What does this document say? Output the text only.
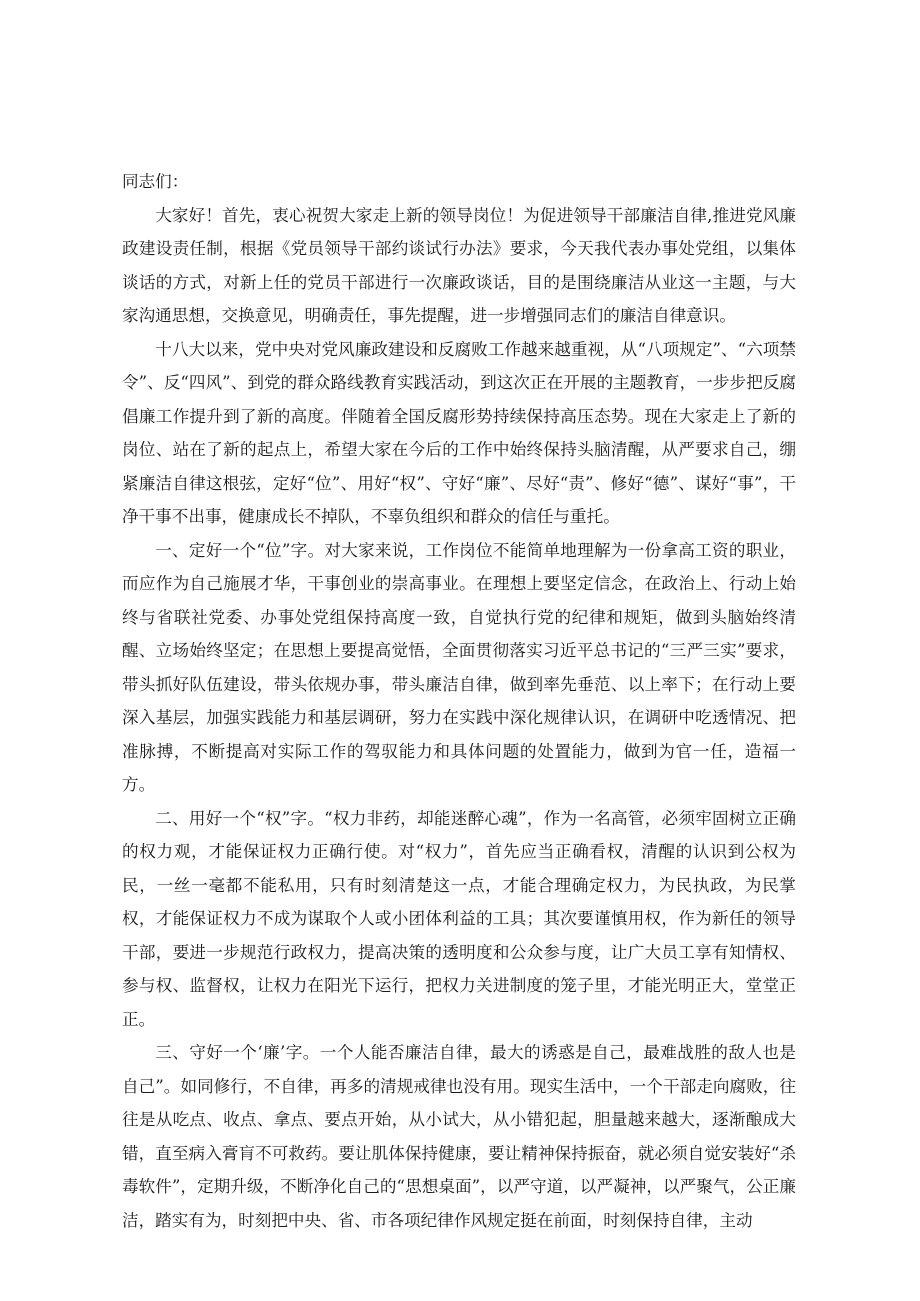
同志们：

大家好！首先，衷心祝贺大家走上新的领导岗位！为促进领导干部廉洁自律,推进党风廉政建设责任制，根据《党员领导干部约谈试行办法》要求，今天我代表办事处党组，以集体谈话的方式，对新上任的党员干部进行一次廉政谈话，目的是围绕廉洁从业这一主题，与大家沟通思想，交换意见，明确责任，事先提醒，进一步增强同志们的廉洁自律意识。

十八大以来，党中央对党风廉政建设和反腐败工作越来越重视，从“八项规定”、“六项禁令”、反“四风”、到党的群众路线教育实践活动，到这次正在开展的主题教育，一步步把反腐倡廉工作提升到了新的高度。伴随着全国反腐形势持续保持高压态势。现在大家走上了新的岗位、站在了新的起点上，希望大家在今后的工作中始终保持头脑清醒，从严要求自己，绷紧廉洁自律这根弦，定好“位”、用好“权”、守好“廉”、尽好“责”、修好“德”、谋好“事”，干净干事不出事，健康成长不掉队，不辜负组织和群众的信任与重托。

一、定好一个“位”字。对大家来说，工作岗位不能简单地理解为一份拿高工资的职业，而应作为自己施展才华，干事创业的崇高事业。在理想上要坚定信念，在政治上、行动上始终与省联社党委、办事处党组保持高度一致，自觉执行党的纪律和规矩，做到头脑始终清醒、立场始终坚定；在思想上要提高觉悟，全面贯彻落实习近平总书记的“三严三实”要求，带头抓好队伍建设，带头依规办事，带头廉洁自律，做到率先垂范、以上率下；在行动上要深入基层，加强实践能力和基层调研，努力在实践中深化规律认识，在调研中吃透情况、把准脉搏，不断提高对实际工作的驾驭能力和具体问题的处置能力，做到为官一任，造福一方。

二、用好一个“权”字。“权力非药，却能迷醉心魂”，作为一名高管，必须牢固树立正确的权力观，才能保证权力正确行使。对“权力”，首先应当正确看权，清醒的认识到公权为民，一丝一毫都不能私用，只有时刻清楚这一点，才能合理确定权力，为民执政，为民掌权，才能保证权力不成为谋取个人或小团体利益的工具；其次要谨慎用权，作为新任的领导干部，要进一步规范行政权力，提高决策的透明度和公众参与度，让广大员工享有知情权、参与权、监督权，让权力在阳光下运行，把权力关进制度的笼子里，才能光明正大，堂堂正正。

三、守好一个‘廉’字。一个人能否廉洁自律，最大的诱惑是自己，最难战胜的敌人也是自己”。如同修行，不自律，再多的清规戒律也没有用。现实生活中，一个干部走向腐败，往往是从吃点、收点、拿点、要点开始，从小试大，从小错犯起，胆量越来越大，逐渐酿成大错，直至病入膏肓不可救药。要让肌体保持健康，要让精神保持振奋，就必须自觉安装好“杀毒软件”，定期升级，不断净化自己的“思想桌面”，以严守道，以严凝神，以严聚气，公正廉洁，踏实有为，时刻把中央、省、市各项纪律作风规定挺在前面，时刻保持自律，主动
